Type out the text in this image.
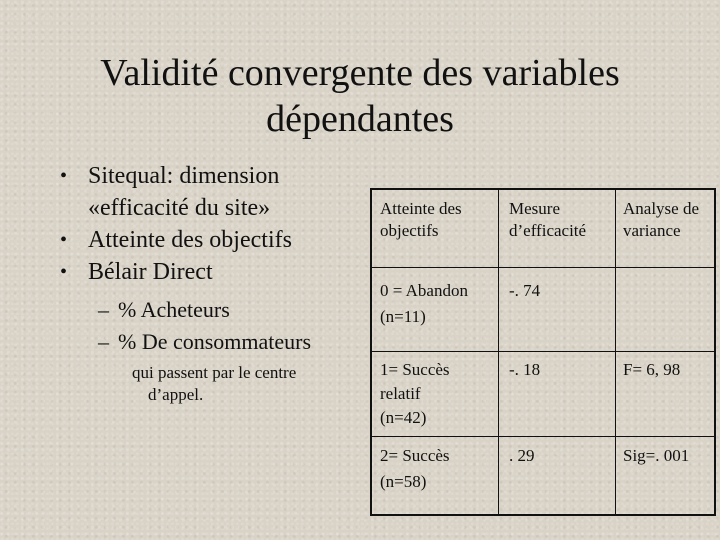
Validité convergente des variables
dépendantes
• Sitequal: dimension
«efficacité du site»
• Atteinte des objectifs
• Bélair Direct
– % Acheteurs
– % De consommateurs
qui passent par le centre
d’appel.
Atteinte des
objectifs
Mesure
d’efficacité
Analyse de
variance
0 = Abandon
(n=11)
-. 74
1= Succès
relatif
(n=42)
-. 18	F= 6, 98
2= Succès
(n=58)
. 29	Sig=. 001
